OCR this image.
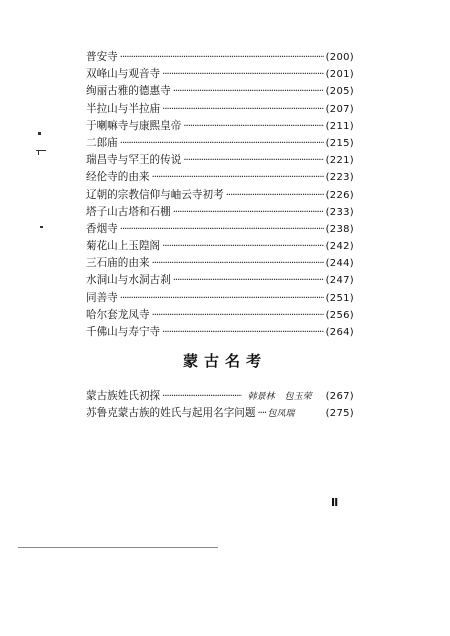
普安寺 ·····	(200)
双峰山与观音寺 ·····	(201)
绚丽古雅的德惠寺 ·····	(205)
半拉山与半拉庙 ·····	(207)
于喇嘛寺与康熙皇帝 ·····	(211)
二郎庙 ·····	(215)
瑞昌寺与罕王的传说 ·····	(221)
经伦寺的由来 ·····	(223)
辽朝的宗教信仰与岫云寺初考 ·····	(226)
塔子山古塔和石棚 ·····	(233)
香烟寺 ·····	(238)
菊花山上玉隍阁 ·····	(242)
三石庙的由来 ·····	(244)
水洞山与水洞古刹 ·····	(247)
同善寺 ·····	(251)
哈尔套龙凤寺 ·····	(256)
千佛山与寿宁寺 ·····	(264)
蒙古名考
蒙古族姓氏初探 ·····	韩景林 包玉荣 (267)
苏鲁克蒙古族的姓氏与起用名字问题 ····· 包凤瑞	(275)
Ⅱ
